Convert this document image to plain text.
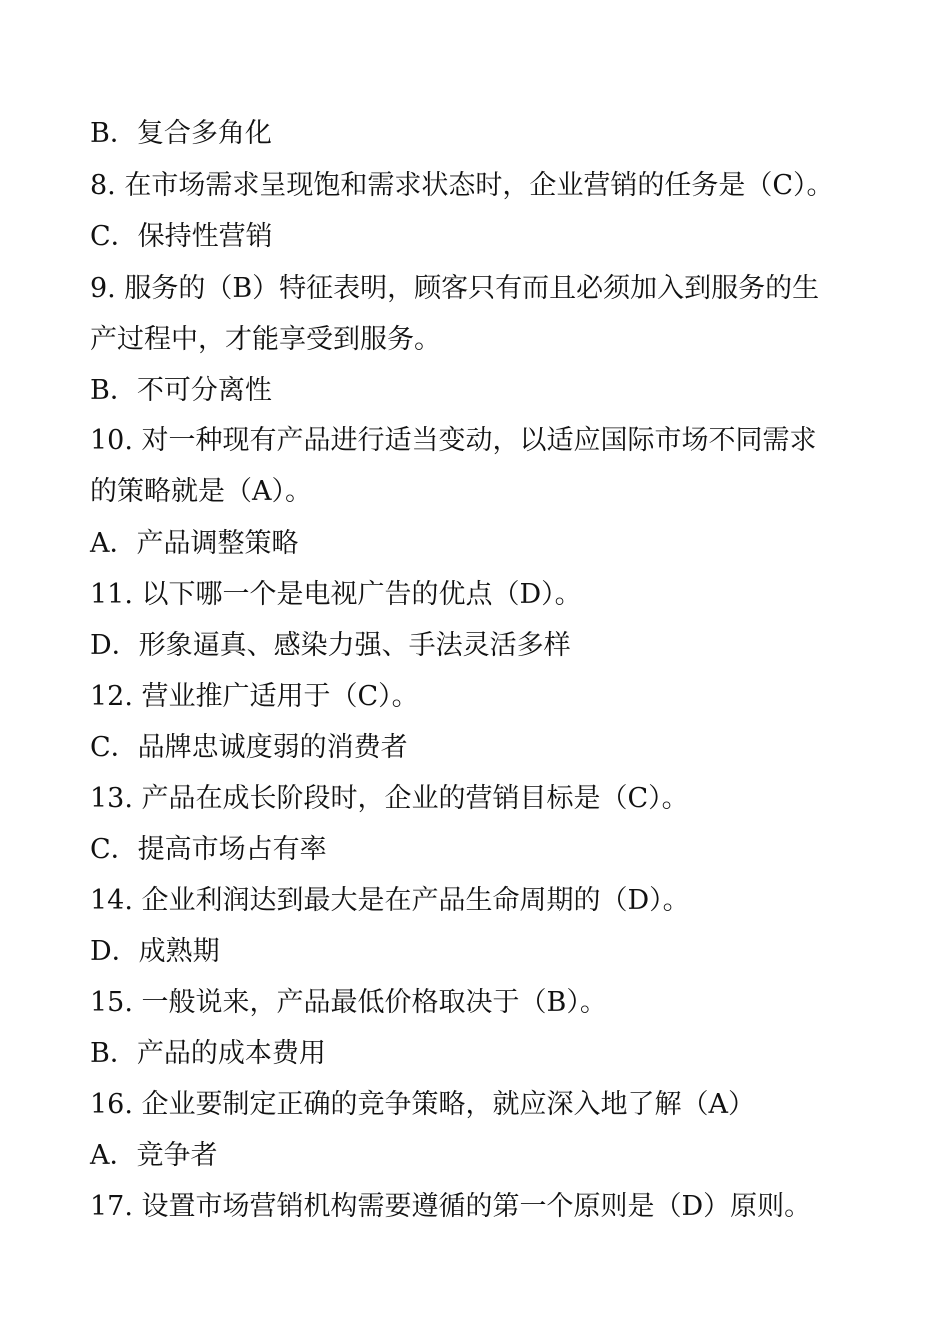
B．复合多角化
8. 在市场需求呈现饱和需求状态时，企业营销的任务是（C）。
C．保持性营销
9. 服务的（B）特征表明，顾客只有而且必须加入到服务的生
产过程中，才能享受到服务。
B．不可分离性
10. 对一种现有产品进行适当变动，以适应国际市场不同需求
的策略就是（A）。
A．产品调整策略
11. 以下哪一个是电视广告的优点（D）。
D．形象逼真、感染力强、手法灵活多样
12. 营业推广适用于（C）。
C．品牌忠诚度弱的消费者
13. 产品在成长阶段时，企业的营销目标是（C）。
C．提高市场占有率
14. 企业利润达到最大是在产品生命周期的（D）。
D．成熟期
15. 一般说来，产品最低价格取决于（B）。
B．产品的成本费用
16. 企业要制定正确的竞争策略，就应深入地了解（A）
A．竞争者
17. 设置市场营销机构需要遵循的第一个原则是（D）原则。
